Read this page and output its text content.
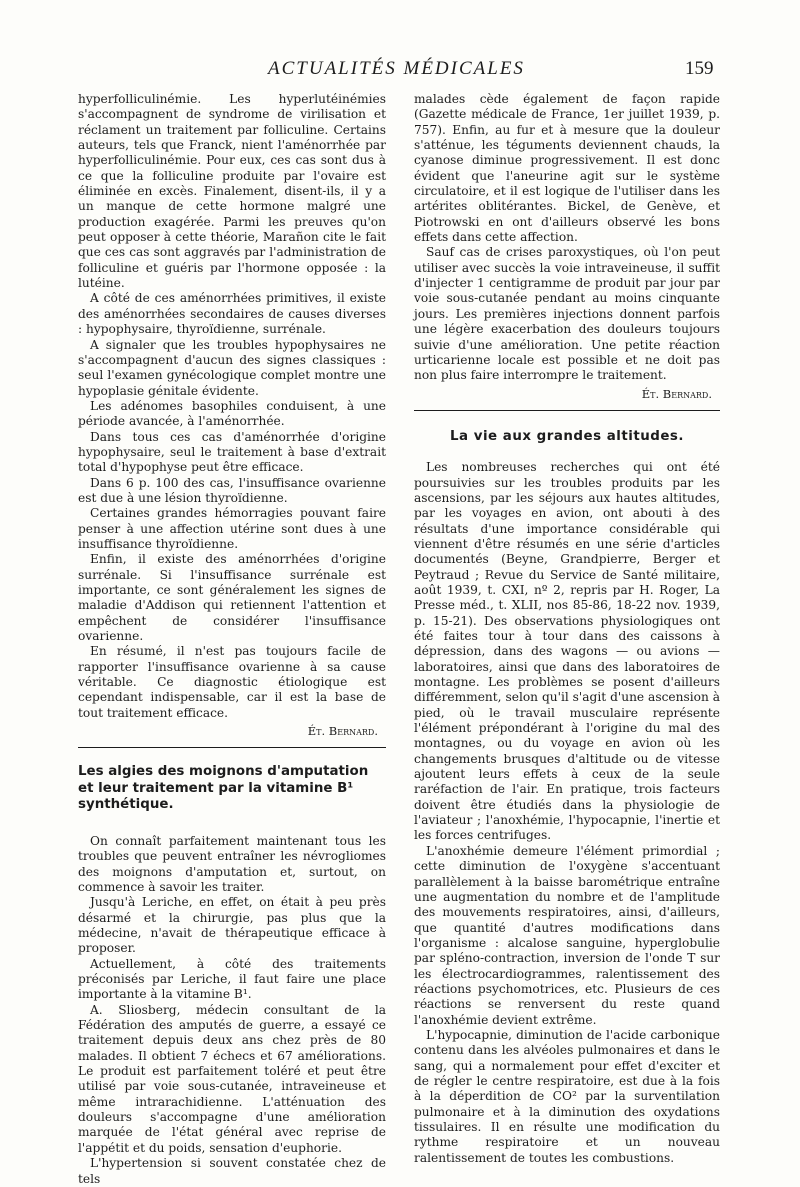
ACTUALITÉS MÉDICALES	159

hyperfolliculinémie. Les hyperlutéinémies s'accompagnent de syndrome de virilisation et réclament un traitement par folliculine. Certains auteurs, tels que Franck, nient l'aménorrhée par hyperfolliculinémie. Pour eux, ces cas sont dus à ce que la folliculine produite par l'ovaire est éliminée en excès. Finalement, disent-ils, il y a un manque de cette hormone malgré une production exagérée. Parmi les preuves qu'on peut opposer à cette théorie, Marañon cite le fait que ces cas sont aggravés par l'administration de folliculine et guéris par l'hormone opposée : la lutéine.

A côté de ces aménorrhées primitives, il existe des aménorrhées secondaires de causes diverses : hypophysaire, thyroïdienne, surrénale.

A signaler que les troubles hypophysaires ne s'accompagnent d'aucun des signes classiques : seul l'examen gynécologique complet montre une hypoplasie génitale évidente.

Les adénomes basophiles conduisent, à une période avancée, à l'aménorrhée.

Dans tous ces cas d'aménorrhée d'origine hypophysaire, seul le traitement à base d'extrait total d'hypophyse peut être efficace.

Dans 6 p. 100 des cas, l'insuffisance ovarienne est due à une lésion thyroïdienne.

Certaines grandes hémorragies pouvant faire penser à une affection utérine sont dues à une insuffisance thyroïdienne.

Enfin, il existe des aménorrhées d'origine surrénale. Si l'insuffisance surrénale est importante, ce sont généralement les signes de maladie d'Addison qui retiennent l'attention et empêchent de considérer l'insuffisance ovarienne.

En résumé, il n'est pas toujours facile de rapporter l'insuffisance ovarienne à sa cause véritable. Ce diagnostic étiologique est cependant indispensable, car il est la base de tout traitement efficace.

Ét. Bernard.

Les algies des moignons d'amputation et leur traitement par la vitamine B¹ synthétique.

On connaît parfaitement maintenant tous les troubles que peuvent entraîner les névrogliomes des moignons d'amputation et, surtout, on commence à savoir les traiter.

Jusqu'à Leriche, en effet, on était à peu près désarmé et la chirurgie, pas plus que la médecine, n'avait de thérapeutique efficace à proposer.

Actuellement, à côté des traitements préconisés par Leriche, il faut faire une place importante à la vitamine B¹.

A. Sliosberg, médecin consultant de la Fédération des amputés de guerre, a essayé ce traitement depuis deux ans chez près de 80 malades. Il obtient 7 échecs et 67 améliorations. Le produit est parfaitement toléré et peut être utilisé par voie sous-cutanée, intraveineuse et même intrarachidienne. L'atténuation des douleurs s'accompagne d'une amélioration marquée de l'état général avec reprise de l'appétit et du poids, sensation d'euphorie.

L'hypertension si souvent constatée chez de tels

malades cède également de façon rapide (Gazette médicale de France, 1er juillet 1939, p. 757). Enfin, au fur et à mesure que la douleur s'atténue, les téguments deviennent chauds, la cyanose diminue progressivement. Il est donc évident que l'aneurine agit sur le système circulatoire, et il est logique de l'utiliser dans les artérites oblitérantes. Bickel, de Genève, et Piotrowski en ont d'ailleurs observé les bons effets dans cette affection.

Sauf cas de crises paroxystiques, où l'on peut utiliser avec succès la voie intraveineuse, il suffit d'injecter 1 centigramme de produit par jour par voie sous-cutanée pendant au moins cinquante jours. Les premières injections donnent parfois une légère exacerbation des douleurs toujours suivie d'une amélioration. Une petite réaction urticarienne locale est possible et ne doit pas non plus faire interrompre le traitement.

Ét. Bernard.

La vie aux grandes altitudes.

Les nombreuses recherches qui ont été poursuivies sur les troubles produits par les ascensions, par les séjours aux hautes altitudes, par les voyages en avion, ont abouti à des résultats d'une importance considérable qui viennent d'être résumés en une série d'articles documentés (Beyne, Grandpierre, Berger et Peytraud ; Revue du Service de Santé militaire, août 1939, t. CXI, nº 2, repris par H. Roger, La Presse méd., t. XLII, nos 85-86, 18-22 nov. 1939, p. 15-21). Des observations physiologiques ont été faites tour à tour dans des caissons à dépression, dans des wagons — ou avions — laboratoires, ainsi que dans des laboratoires de montagne. Les problèmes se posent d'ailleurs différemment, selon qu'il s'agit d'une ascension à pied, où le travail musculaire représente l'élément prépondérant à l'origine du mal des montagnes, ou du voyage en avion où les changements brusques d'altitude ou de vitesse ajoutent leurs effets à ceux de la seule raréfaction de l'air. En pratique, trois facteurs doivent être étudiés dans la physiologie de l'aviateur ; l'anoxhémie, l'hypocapnie, l'inertie et les forces centrifuges.

L'anoxhémie demeure l'élément primordial ; cette diminution de l'oxygène s'accentuant parallèlement à la baisse barométrique entraîne une augmentation du nombre et de l'amplitude des mouvements respiratoires, ainsi, d'ailleurs, que quantité d'autres modifications dans l'organisme : alcalose sanguine, hyperglobulie par spléno-contraction, inversion de l'onde T sur les électrocardiogrammes, ralentissement des réactions psychomotrices, etc. Plusieurs de ces réactions se renversent du reste quand l'anoxhémie devient extrême.

L'hypocapnie, diminution de l'acide carbonique contenu dans les alvéoles pulmonaires et dans le sang, qui a normalement pour effet d'exciter et de régler le centre respiratoire, est due à la fois à la déperdition de CO² par la surventilation pulmonaire et à la diminution des oxydations tissulaires. Il en résulte une modification du rythme respiratoire et un nouveau ralentissement de toutes les combustions.
